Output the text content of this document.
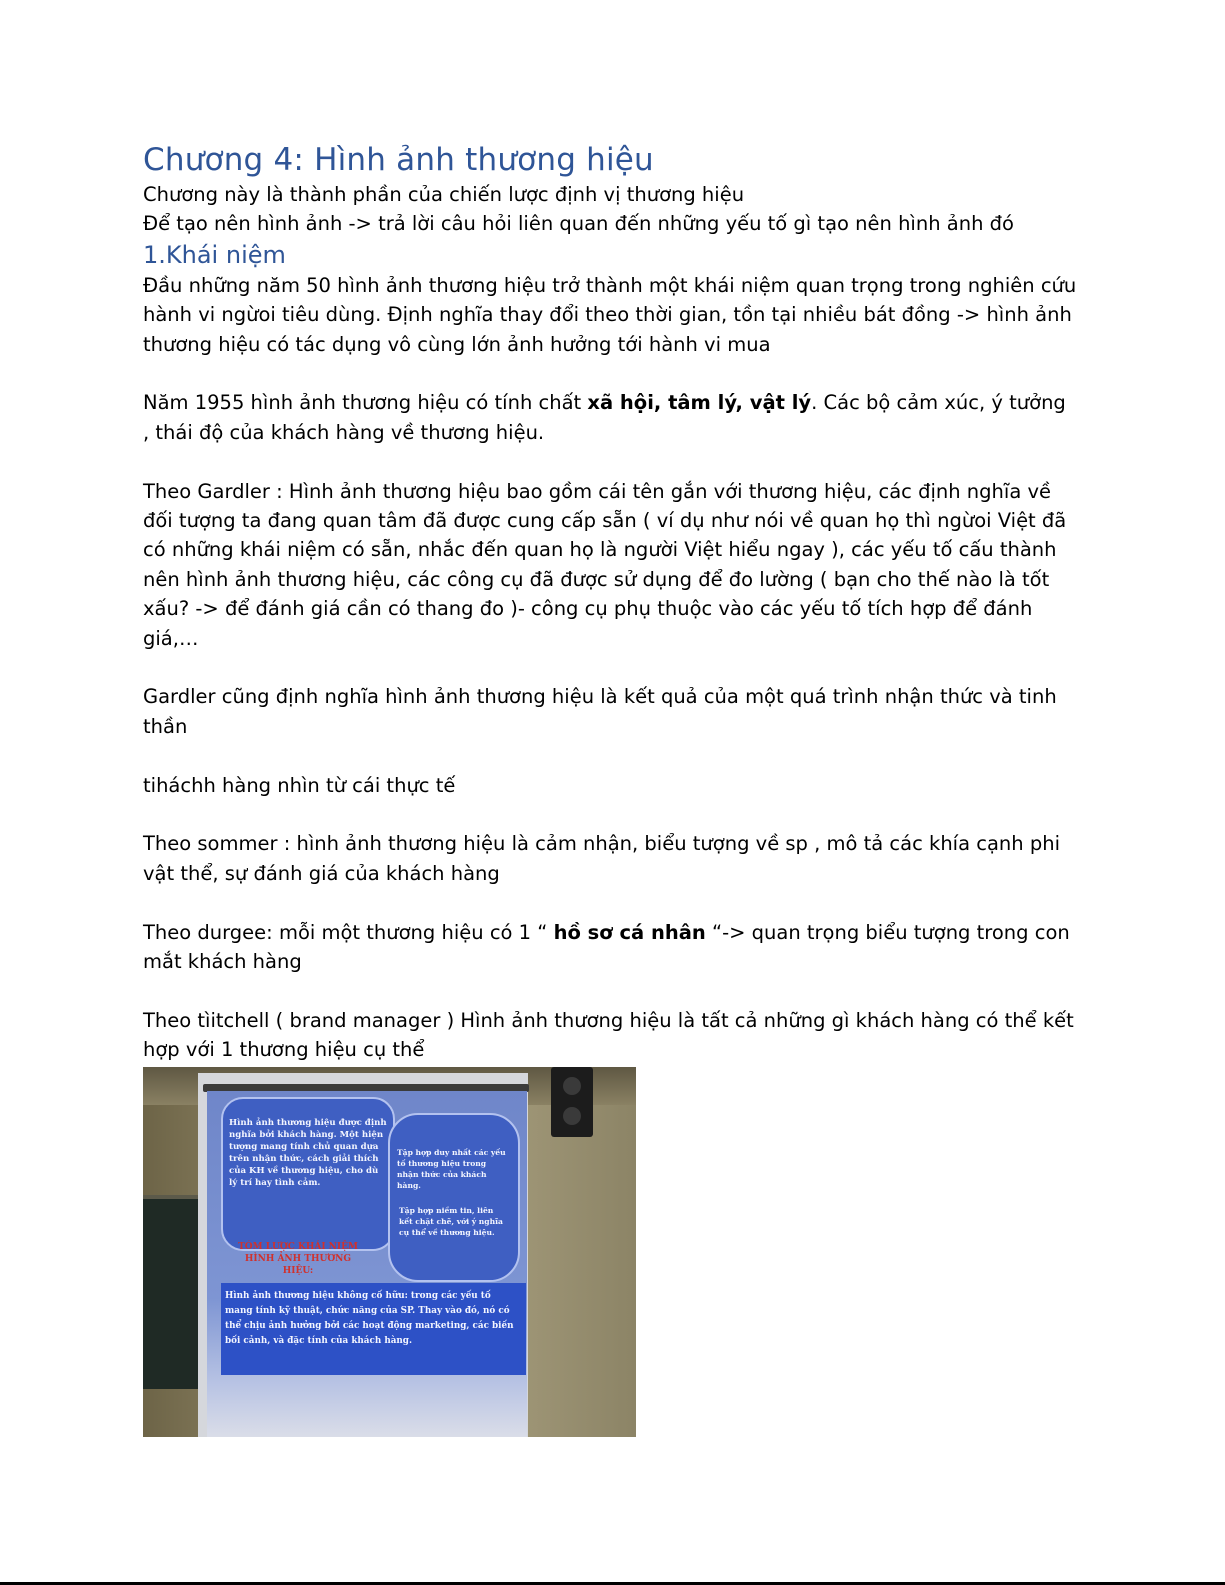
Chương 4: Hình ảnh thương hiệu

Chương này là thành phần của chiến lược định vị thương hiệu

Để tạo nên hình ảnh -> trả lời câu hỏi liên quan đến những yếu tố gì tạo nên hình ảnh đó

1.Khái niệm

Đầu những năm 50 hình ảnh thương hiệu trở thành một khái niệm quan trọng trong nghiên cứu hành vi ngừoi tiêu dùng. Định nghĩa thay đổi theo thời gian, tồn tại nhiều bát đồng -> hình ảnh thương hiệu có tác dụng vô cùng lớn ảnh hưởng tới hành vi mua

Năm 1955 hình ảnh thương hiệu có tính chất xã hội, tâm lý, vật lý. Các bộ cảm xúc, ý tưởng , thái độ của khách hàng về thương hiệu.

Theo Gardler : Hình ảnh thương hiệu bao gồm cái tên gắn với thương hiệu, các định nghĩa về đối tượng ta đang quan tâm đã được cung cấp sẵn ( ví dụ như nói về quan họ thì ngừoi Việt đã có những khái niệm có sẵn, nhắc đến quan họ là người Việt hiểu ngay ), các yếu tố cấu thành nên hình ảnh thương hiệu, các công cụ đã được sử dụng để đo lường ( bạn cho thế nào là tốt xấu? -> để đánh giá cần có thang đo )- công cụ phụ thuộc vào các yếu tố tích hợp để đánh giá,…

Gardler cũng định nghĩa hình ảnh thương hiệu là kết quả của một quá trình nhận thức và tinh thần

tiháchh hàng nhìn từ cái thực tế

Theo sommer : hình ảnh thương hiệu là cảm nhận, biểu tượng về sp , mô tả các khía cạnh phi vật thể, sự đánh giá của khách hàng

Theo durgee: mỗi một thương hiệu có 1 “ hồ sơ cá nhân “-> quan trọng biểu tượng trong con mắt khách hàng

Theo tìitchell ( brand manager ) Hình ảnh thương hiệu là tất cả những gì khách hàng có thể kết hợp với 1 thương hiệu cụ thể

Hình ảnh thương hiệu được định nghĩa bởi khách hàng. Một hiện tượng mang tính chủ quan dựa trên nhận thức, cách giải thích của KH về thương hiệu, cho dù lý trí hay tình cảm.
Tập hợp duy nhất các yếu tố thương hiệu trong nhận thức của khách hàng.
Tập hợp niềm tin, liên kết chặt chẽ, với ý nghĩa cụ thể về thương hiệu.
TÓM LƯỢC KHÁI NIỆM HÌNH ẢNH THƯƠNG HIỆU:
Hình ảnh thương hiệu không cố hữu: trong các yếu tố mang tính kỹ thuật, chức năng của SP. Thay vào đó, nó có thể chịu ảnh hưởng bởi các hoạt động marketing, các biến bối cảnh, và đặc tính của khách hàng.
